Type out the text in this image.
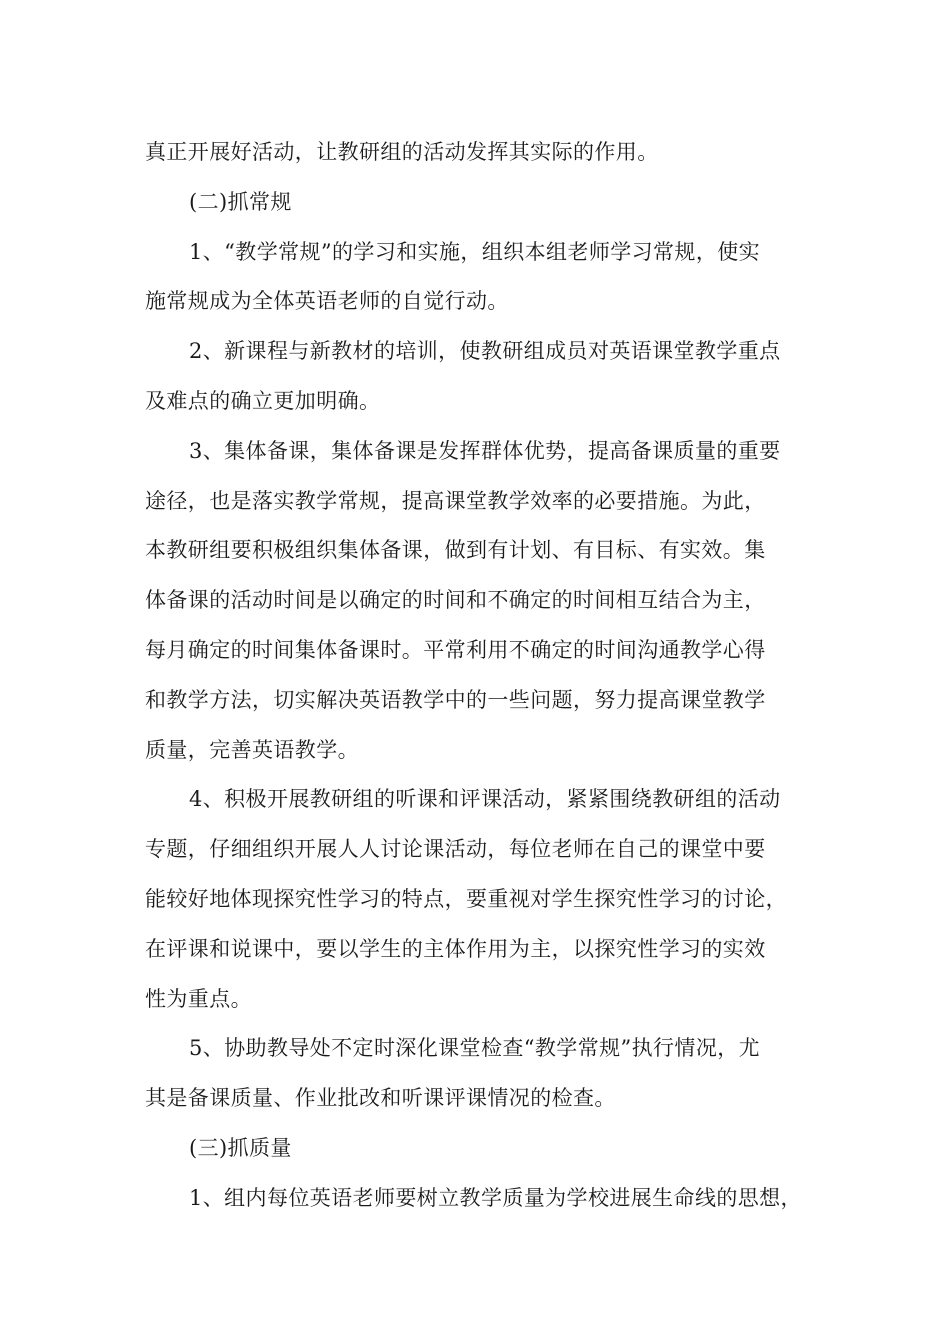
真正开展好活动，让教研组的活动发挥其实际的作用。
(二)抓常规
1、“教学常规”的学习和实施，组织本组老师学习常规，使实
施常规成为全体英语老师的自觉行动。
2、新课程与新教材的培训，使教研组成员对英语课堂教学重点
及难点的确立更加明确。
3、集体备课，集体备课是发挥群体优势，提高备课质量的重要
途径，也是落实教学常规，提高课堂教学效率的必要措施。为此，
本教研组要积极组织集体备课，做到有计划、有目标、有实效。集
体备课的活动时间是以确定的时间和不确定的时间相互结合为主，
每月确定的时间集体备课时。平常利用不确定的时间沟通教学心得
和教学方法，切实解决英语教学中的一些问题，努力提高课堂教学
质量，完善英语教学。
4、积极开展教研组的听课和评课活动，紧紧围绕教研组的活动
专题，仔细组织开展人人讨论课活动，每位老师在自己的课堂中要
能较好地体现探究性学习的特点，要重视对学生探究性学习的讨论，
在评课和说课中，要以学生的主体作用为主，以探究性学习的实效
性为重点。
5、协助教导处不定时深化课堂检查“教学常规”执行情况，尤
其是备课质量、作业批改和听课评课情况的检查。
(三)抓质量
1、组内每位英语老师要树立教学质量为学校进展生命线的思想，
